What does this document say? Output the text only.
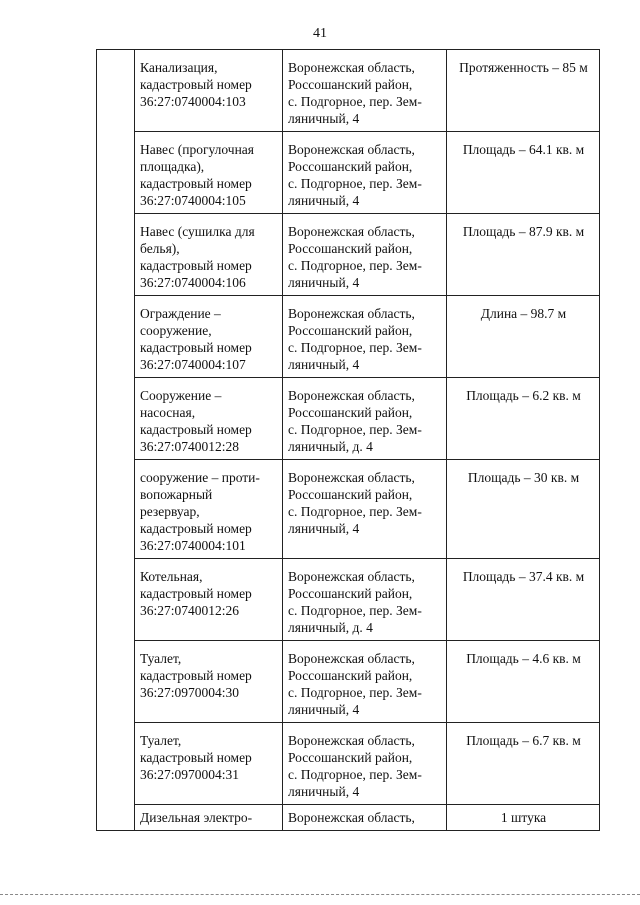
41

	Канализация,
кадастровый номер
36:27:0740004:103	Воронежская область,
Россошанский район,
с. Подгорное, пер. Зем-
ляничный, 4	Протяженность – 85 м

	Навес (прогулочная
площадка),
кадастровый номер
36:27:0740004:105	Воронежская область,
Россошанский район,
с. Подгорное, пер. Зем-
ляничный, 4	Площадь – 64.1 кв. м

	Навес (сушилка для
белья),
кадастровый номер
36:27:0740004:106	Воронежская область,
Россошанский район,
с. Подгорное, пер. Зем-
ляничный, 4	Площадь – 87.9 кв. м

	Ограждение –
сооружение,
кадастровый номер
36:27:0740004:107	Воронежская область,
Россошанский район,
с. Подгорное, пер. Зем-
ляничный, 4	Длина – 98.7 м

	Сооружение –
насосная,
кадастровый номер
36:27:0740012:28	Воронежская область,
Россошанский район,
с. Подгорное, пер. Зем-
ляничный, д. 4	Площадь – 6.2 кв. м

	сооружение – проти-
вопожарный
резервуар,
кадастровый номер
36:27:0740004:101	Воронежская область,
Россошанский район,
с. Подгорное, пер. Зем-
ляничный, 4	Площадь – 30 кв. м

	Котельная,
кадастровый номер
36:27:0740012:26	Воронежская область,
Россошанский район,
с. Подгорное, пер. Зем-
ляничный, д. 4	Площадь – 37.4 кв. м

	Туалет,
кадастровый номер
36:27:0970004:30	Воронежская область,
Россошанский район,
с. Подгорное, пер. Зем-
ляничный, 4	Площадь – 4.6 кв. м

	Туалет,
кадастровый номер
36:27:0970004:31	Воронежская область,
Россошанский район,
с. Подгорное, пер. Зем-
ляничный, 4	Площадь – 6.7 кв. м

	Дизельная электро-	Воронежская область,	1 штука
